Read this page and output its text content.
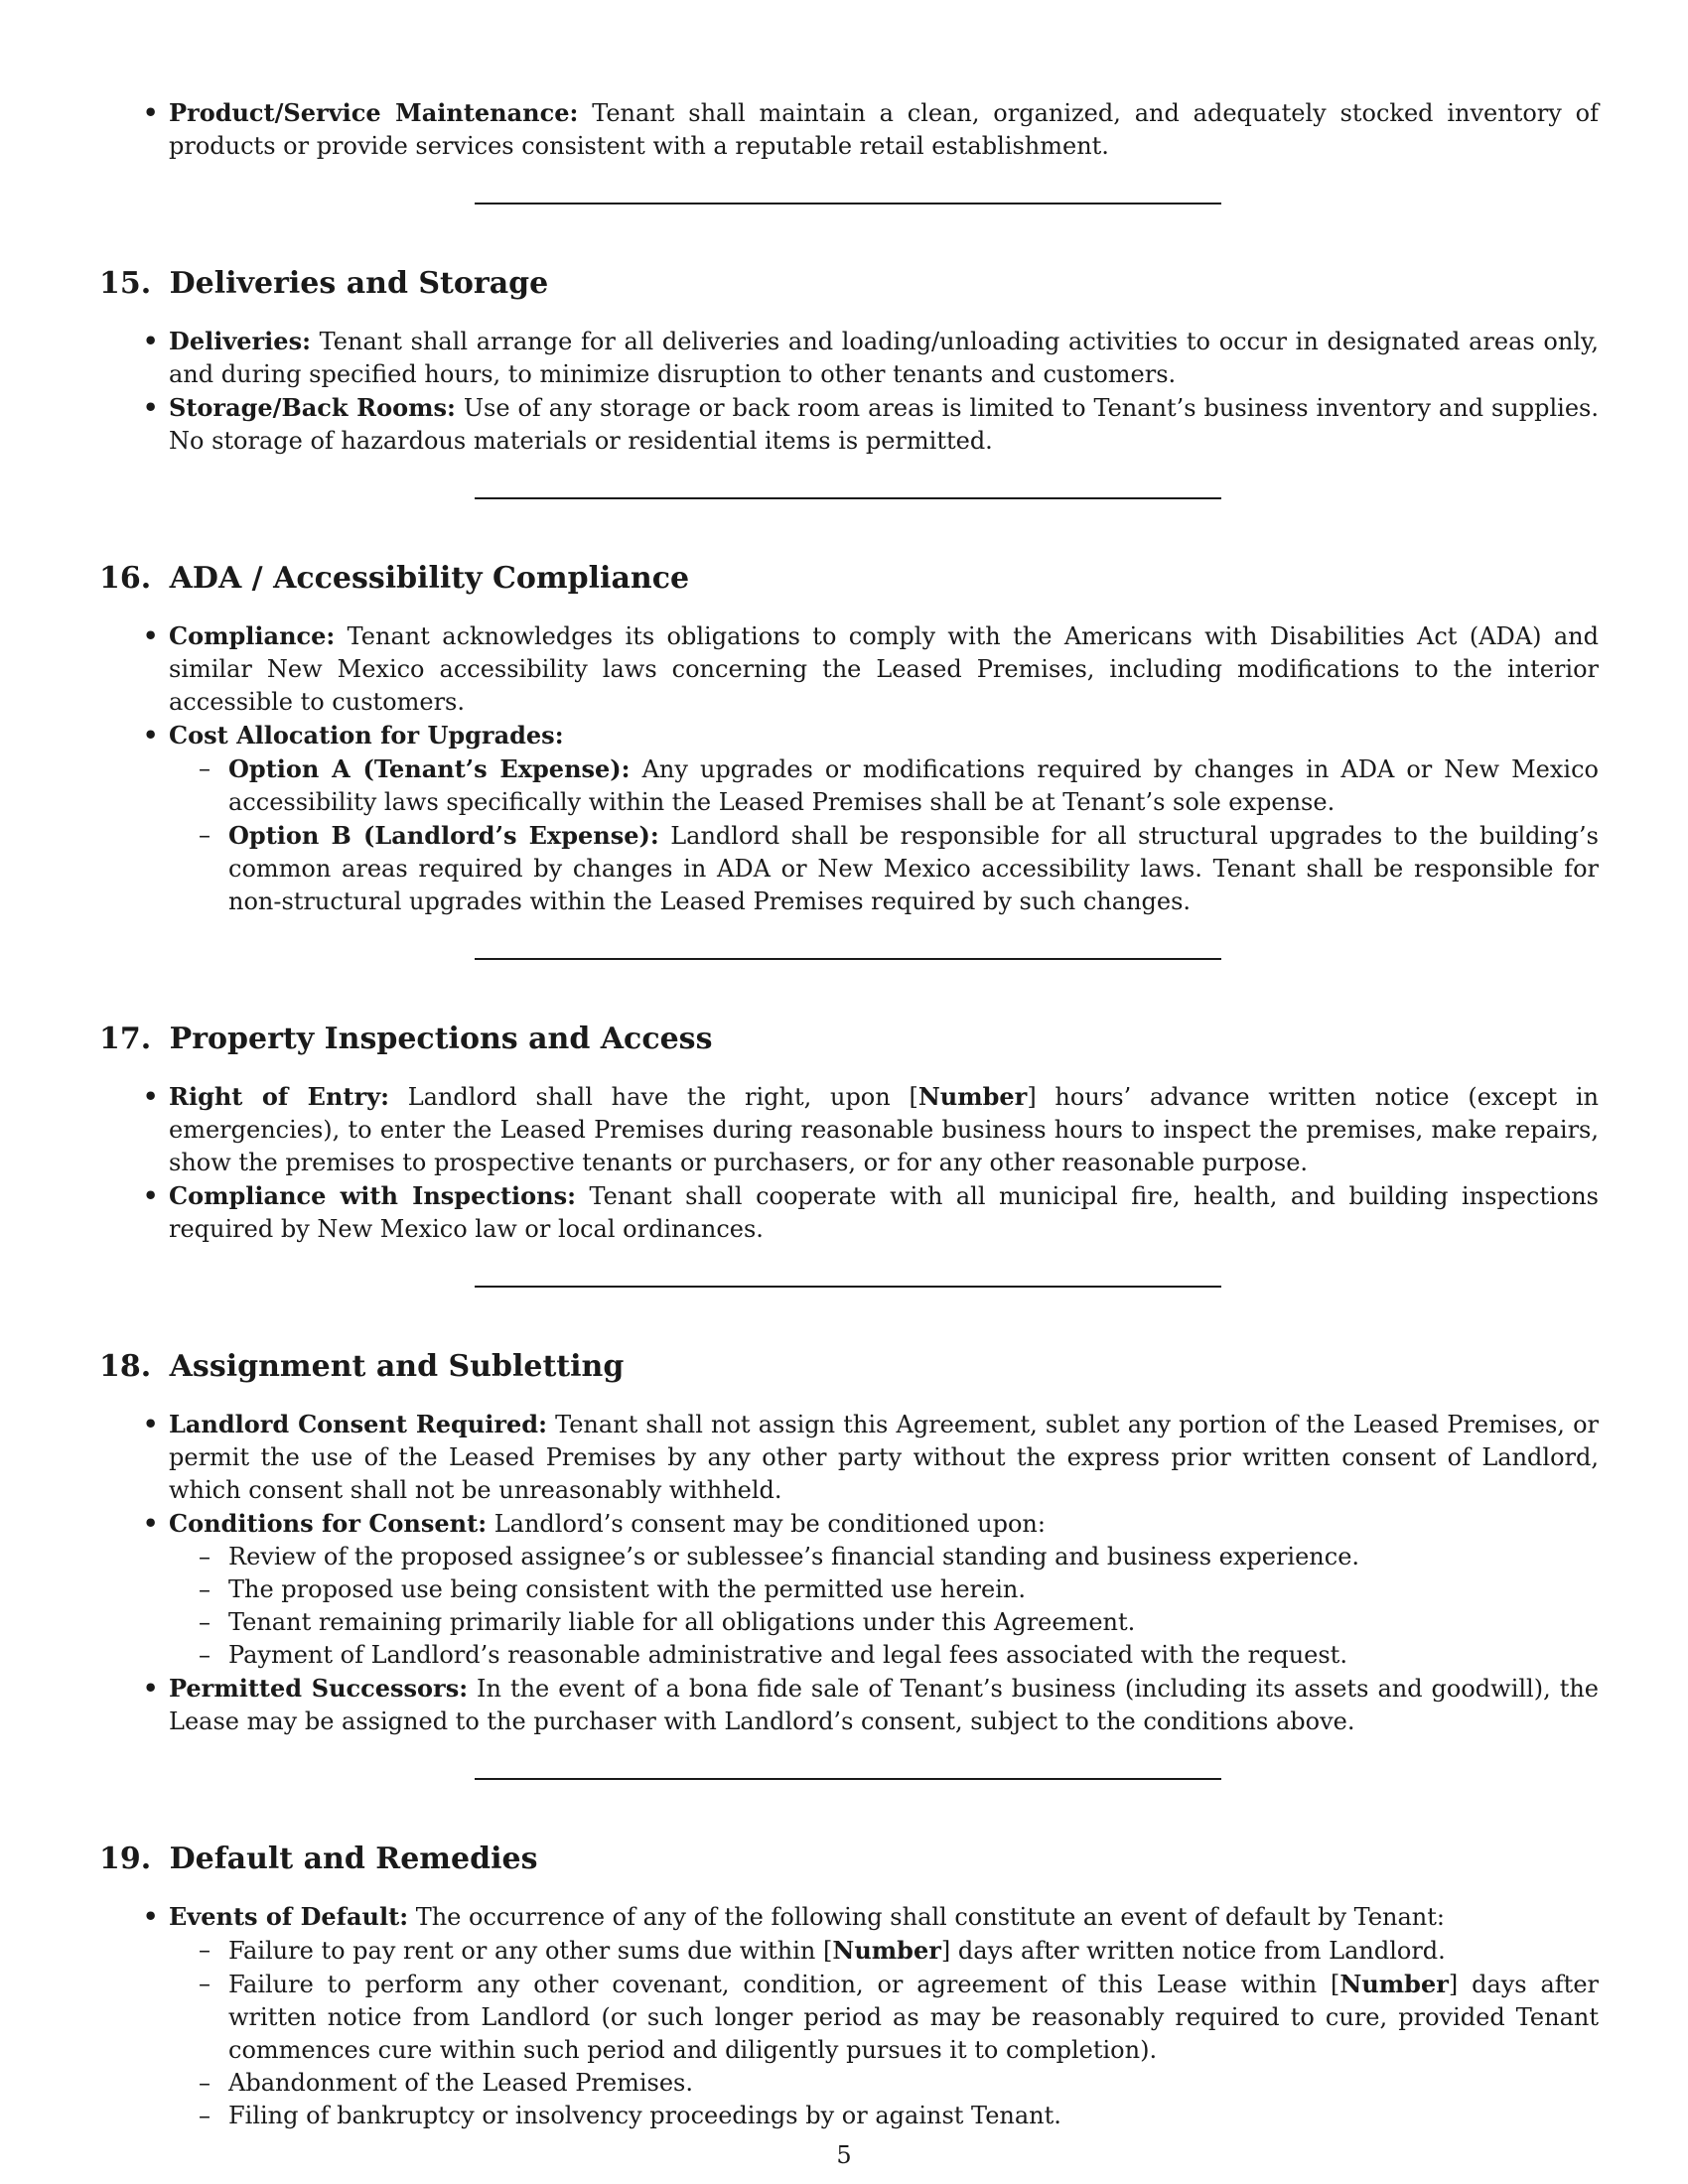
• Product/Service Maintenance: Tenant shall maintain a clean, organized, and adequately stocked inventory of products or provide services consistent with a reputable retail establishment.
15. Deliveries and Storage
• Deliveries: Tenant shall arrange for all deliveries and loading/unloading activities to occur in designated areas only, and during specified hours, to minimize disruption to other tenants and customers.
• Storage/Back Rooms: Use of any storage or back room areas is limited to Tenant’s business inventory and supplies. No storage of hazardous materials or residential items is permitted.
16. ADA / Accessibility Compliance
• Compliance: Tenant acknowledges its obligations to comply with the Americans with Disabilities Act (ADA) and similar New Mexico accessibility laws concerning the Leased Premises, including modifications to the interior accessible to customers.
• Cost Allocation for Upgrades:
– Option A (Tenant’s Expense): Any upgrades or modifications required by changes in ADA or New Mexico accessibility laws specifically within the Leased Premises shall be at Tenant’s sole expense.
– Option B (Landlord’s Expense): Landlord shall be responsible for all structural upgrades to the building’s common areas required by changes in ADA or New Mexico accessibility laws. Tenant shall be responsible for non-structural upgrades within the Leased Premises required by such changes.
17. Property Inspections and Access
• Right of Entry: Landlord shall have the right, upon [Number] hours’ advance written notice (except in emergencies), to enter the Leased Premises during reasonable business hours to inspect the premises, make repairs, show the premises to prospective tenants or purchasers, or for any other reasonable purpose.
• Compliance with Inspections: Tenant shall cooperate with all municipal fire, health, and building inspections required by New Mexico law or local ordinances.
18. Assignment and Subletting
• Landlord Consent Required: Tenant shall not assign this Agreement, sublet any portion of the Leased Premises, or permit the use of the Leased Premises by any other party without the express prior written consent of Landlord, which consent shall not be unreasonably withheld.
• Conditions for Consent: Landlord’s consent may be conditioned upon:
– Review of the proposed assignee’s or sublessee’s financial standing and business experience.
– The proposed use being consistent with the permitted use herein.
– Tenant remaining primarily liable for all obligations under this Agreement.
– Payment of Landlord’s reasonable administrative and legal fees associated with the request.
• Permitted Successors: In the event of a bona fide sale of Tenant’s business (including its assets and goodwill), the Lease may be assigned to the purchaser with Landlord’s consent, subject to the conditions above.
19. Default and Remedies
• Events of Default: The occurrence of any of the following shall constitute an event of default by Tenant:
– Failure to pay rent or any other sums due within [Number] days after written notice from Landlord.
– Failure to perform any other covenant, condition, or agreement of this Lease within [Number] days after written notice from Landlord (or such longer period as may be reasonably required to cure, provided Tenant commences cure within such period and diligently pursues it to completion).
– Abandonment of the Leased Premises.
– Filing of bankruptcy or insolvency proceedings by or against Tenant.
5
